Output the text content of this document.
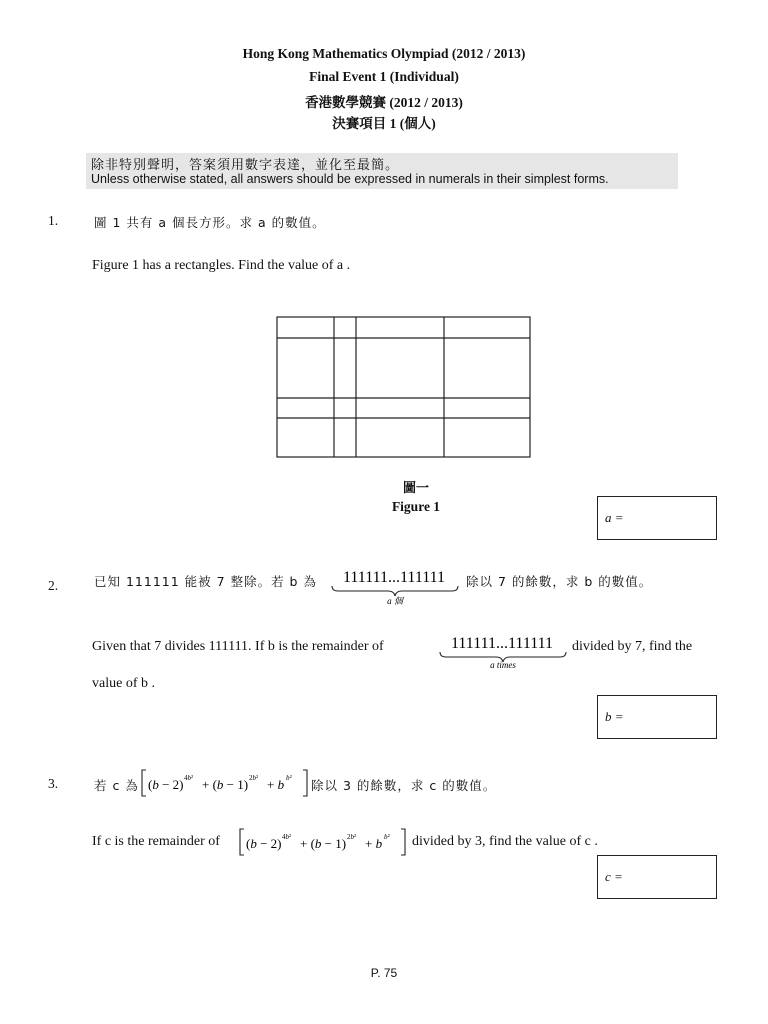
Hong Kong Mathematics Olympiad (2012 / 2013)
Final Event 1 (Individual)
香港數學競賽 (2012 / 2013)
決賽項目 1 (個人)
除非特別聲明，答案須用數字表達，並化至最簡。
Unless otherwise stated, all answers should be expressed in numerals in their simplest forms.
1.	圖 1 共有 a 個長方形。求 a 的數值。
Figure 1 has a rectangles. Find the value of a .
圖一
Figure 1
a =
2.	已知 111111 能被 7 整除。若 b 為 111111...111111
a 個
除以 7 的餘數，求 b 的數值。
Given that 7 divides 111111. If b is the remainder of	111111...111111
a times
divided by 7, find the
value of b .
b =
3.	若 c 為 (b − 2) 4b² + (b − 1) 2b² + b b² 除以 3 的餘數，求 c 的數值。
If c is the remainder of (b − 2) 4b² + (b − 1) 2b² + b b² divided by 3, find the value of c .
c =
P. 75
